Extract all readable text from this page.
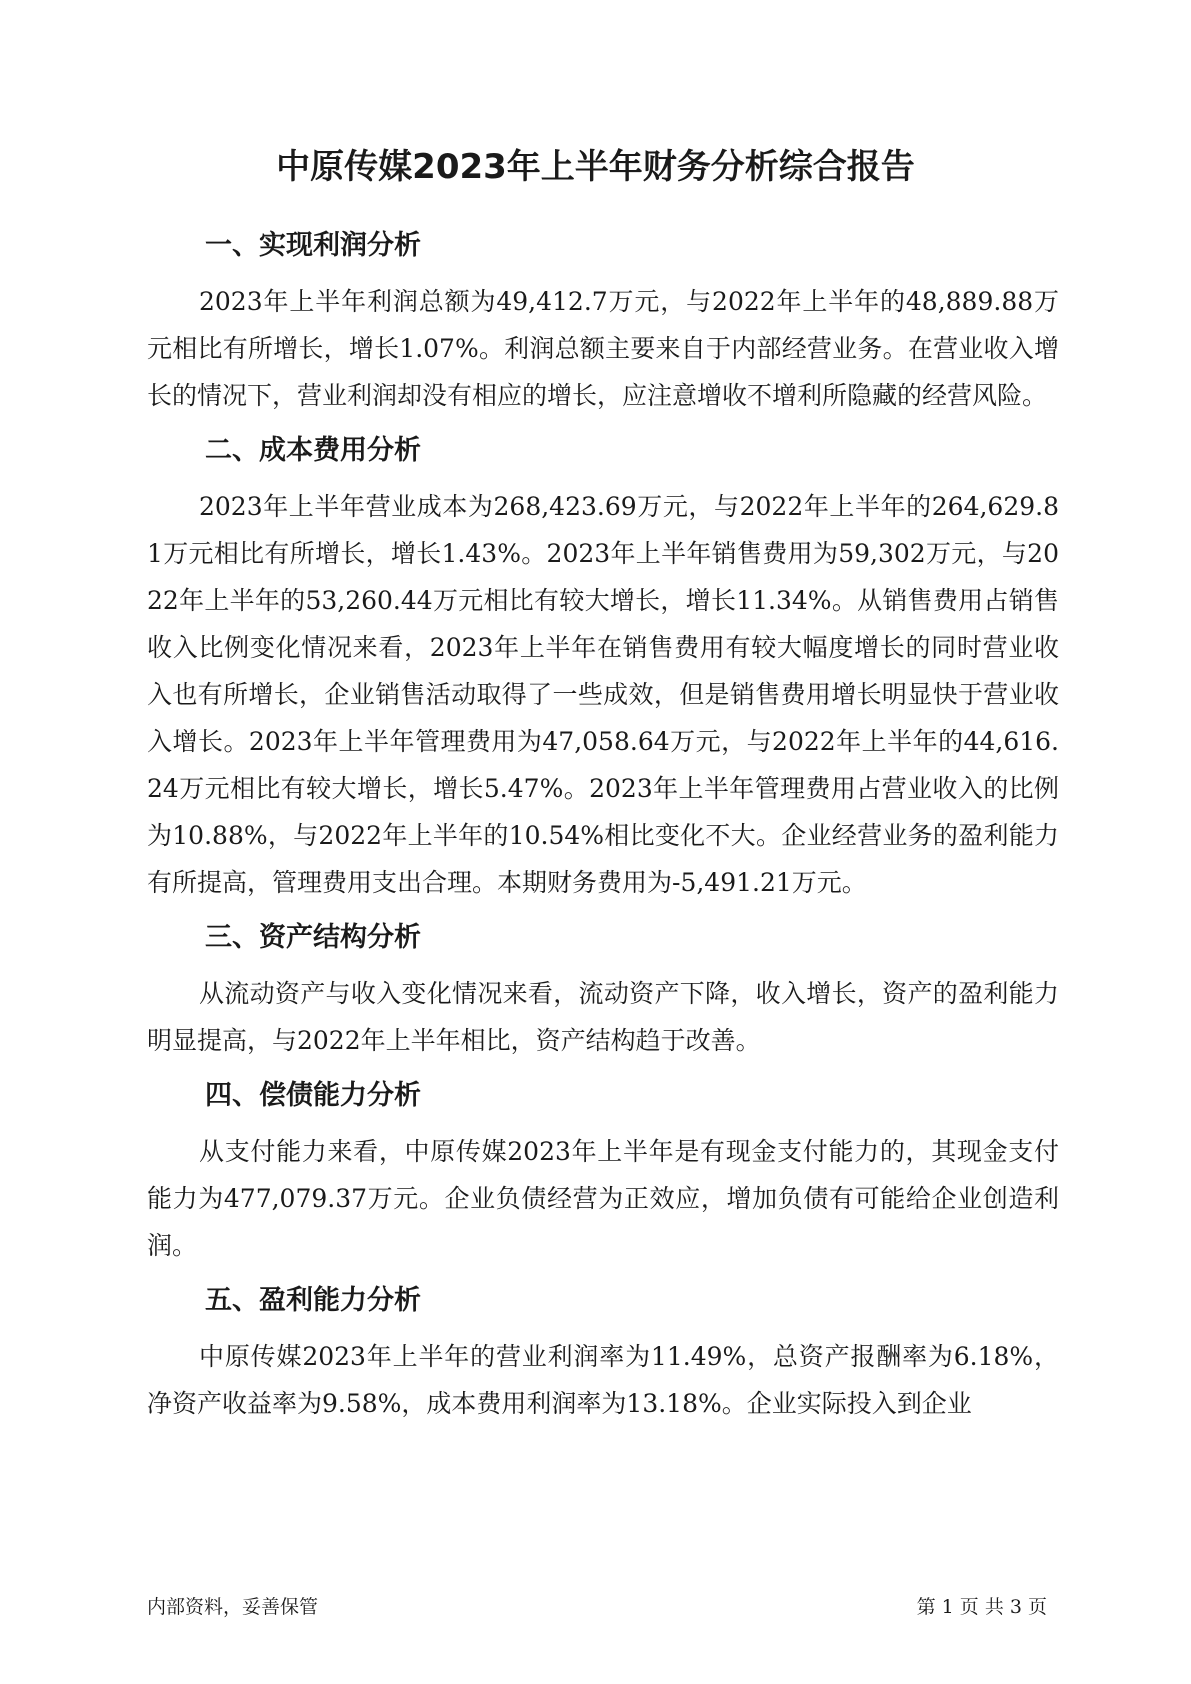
中原传媒2023年上半年财务分析综合报告
一、实现利润分析

2023年上半年利润总额为49,412.7万元，与2022年上半年的48,889.88万元相比有所增长，增长1.07%。利润总额主要来自于内部经营业务。在营业收入增长的情况下，营业利润却没有相应的增长，应注意增收不增利所隐藏的经营风险。

二、成本费用分析

2023年上半年营业成本为268,423.69万元，与2022年上半年的264,629.81万元相比有所增长，增长1.43%。2023年上半年销售费用为59,302万元，与2022年上半年的53,260.44万元相比有较大增长，增长11.34%。从销售费用占销售收入比例变化情况来看，2023年上半年在销售费用有较大幅度增长的同时营业收入也有所增长，企业销售活动取得了一些成效，但是销售费用增长明显快于营业收入增长。2023年上半年管理费用为47,058.64万元，与2022年上半年的44,616.24万元相比有较大增长，增长5.47%。2023年上半年管理费用占营业收入的比例为10.88%，与2022年上半年的10.54%相比变化不大。企业经营业务的盈利能力有所提高，管理费用支出合理。本期财务费用为-5,491.21万元。

三、资产结构分析

从流动资产与收入变化情况来看，流动资产下降，收入增长，资产的盈利能力明显提高，与2022年上半年相比，资产结构趋于改善。

四、偿债能力分析

从支付能力来看，中原传媒2023年上半年是有现金支付能力的，其现金支付能力为477,079.37万元。企业负债经营为正效应，增加负债有可能给企业创造利润。

五、盈利能力分析

中原传媒2023年上半年的营业利润率为11.49%，总资产报酬率为6.18%，净资产收益率为9.58%，成本费用利润率为13.18%。企业实际投入到企业

内部资料，妥善保管	第 1 页 共 3 页
